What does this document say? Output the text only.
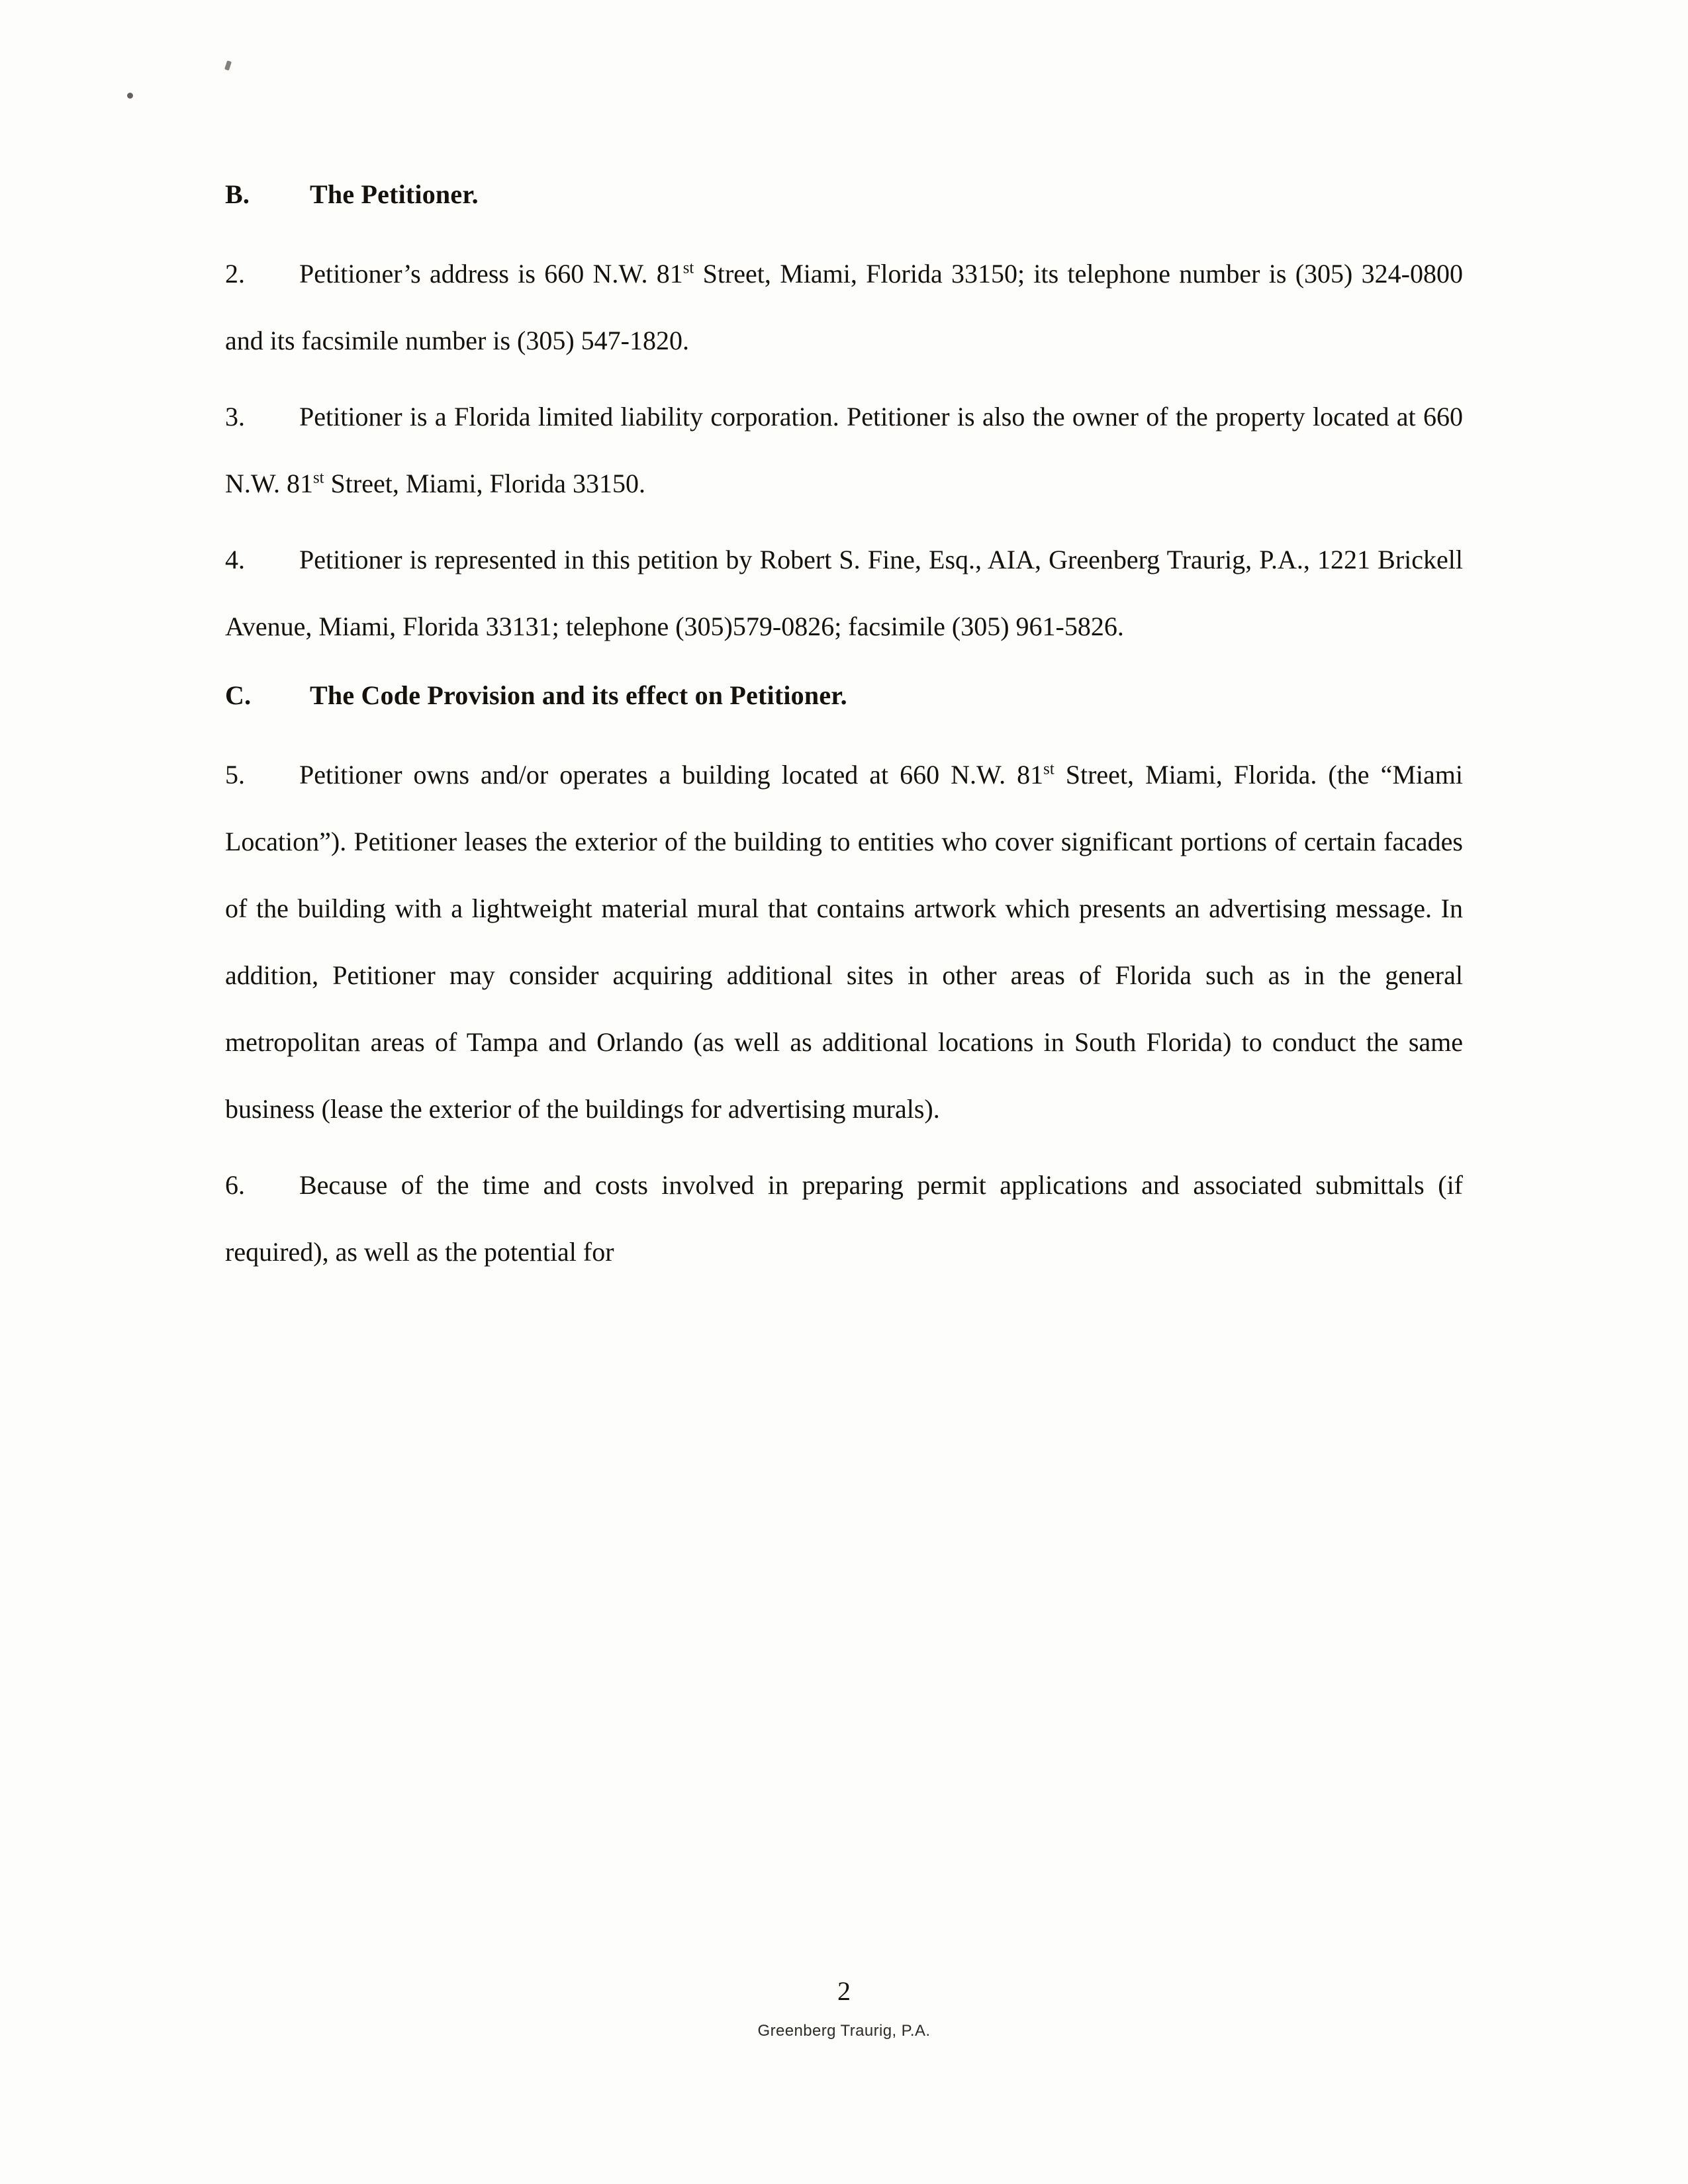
B.	The Petitioner.

2. Petitioner’s address is 660 N.W. 81st Street, Miami, Florida 33150; its telephone number is (305) 324-0800 and its facsimile number is (305) 547-1820.

3. Petitioner is a Florida limited liability corporation. Petitioner is also the owner of the property located at 660 N.W. 81st Street, Miami, Florida 33150.

4. Petitioner is represented in this petition by Robert S. Fine, Esq., AIA, Greenberg Traurig, P.A., 1221 Brickell Avenue, Miami, Florida 33131; telephone (305)579-0826; facsimile (305) 961-5826.

C.	The Code Provision and its effect on Petitioner.

5. Petitioner owns and/or operates a building located at 660 N.W. 81st Street, Miami, Florida. (the “Miami Location”). Petitioner leases the exterior of the building to entities who cover significant portions of certain facades of the building with a lightweight material mural that contains artwork which presents an advertising message. In addition, Petitioner may consider acquiring additional sites in other areas of Florida such as in the general metropolitan areas of Tampa and Orlando (as well as additional locations in South Florida) to conduct the same business (lease the exterior of the buildings for advertising murals).

6. Because of the time and costs involved in preparing permit applications and associated submittals (if required), as well as the potential for

2
Greenberg Traurig, P.A.
